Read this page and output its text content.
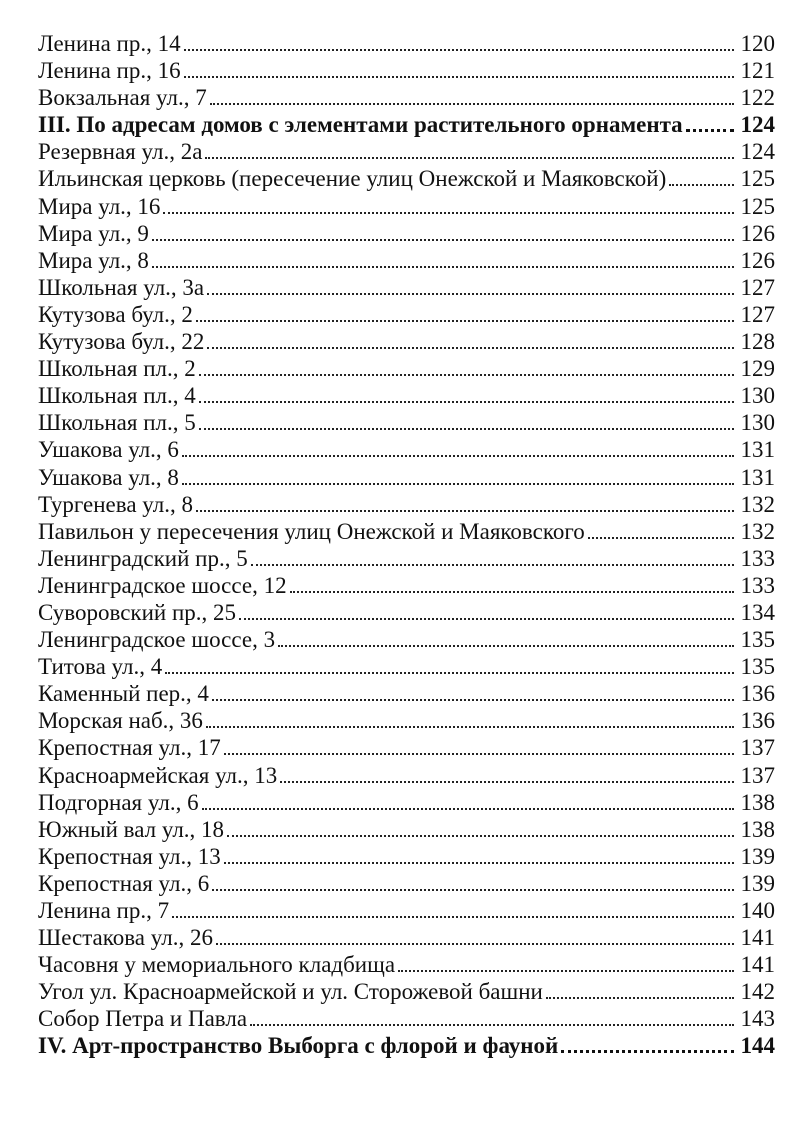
Ленина пр., 14	120
Ленина пр., 16	121
Вокзальная ул., 7	122
III. По адресам домов с элементами растительного орнамента	124
Резервная ул., 2а	124
Ильинская церковь (пересечение улиц Онежской и Маяковской)	125
Мира ул., 16	125
Мира ул., 9	126
Мира ул., 8	126
Школьная ул., 3а	127
Кутузова бул., 2	127
Кутузова бул., 22	128
Школьная пл., 2	129
Школьная пл., 4	130
Школьная пл., 5	130
Ушакова ул., 6	131
Ушакова ул., 8	131
Тургенева ул., 8	132
Павильон у пересечения улиц Онежской и Маяковского	132
Ленинградский пр., 5	133
Ленинградское шоссе, 12	133
Суворовский пр., 25	134
Ленинградское шоссе, 3	135
Титова ул., 4	135
Каменный пер., 4	136
Морская наб., 36	136
Крепостная ул., 17	137
Красноармейская ул., 13	137
Подгорная ул., 6	138
Южный вал ул., 18	138
Крепостная ул., 13	139
Крепостная ул., 6	139
Ленина пр., 7	140
Шестакова ул., 26	141
Часовня у мемориального кладбища	141
Угол ул. Красноармейской и ул. Сторожевой башни	142
Собор Петра и Павла	143
IV. Арт-пространство Выборга с флорой и фауной	144
